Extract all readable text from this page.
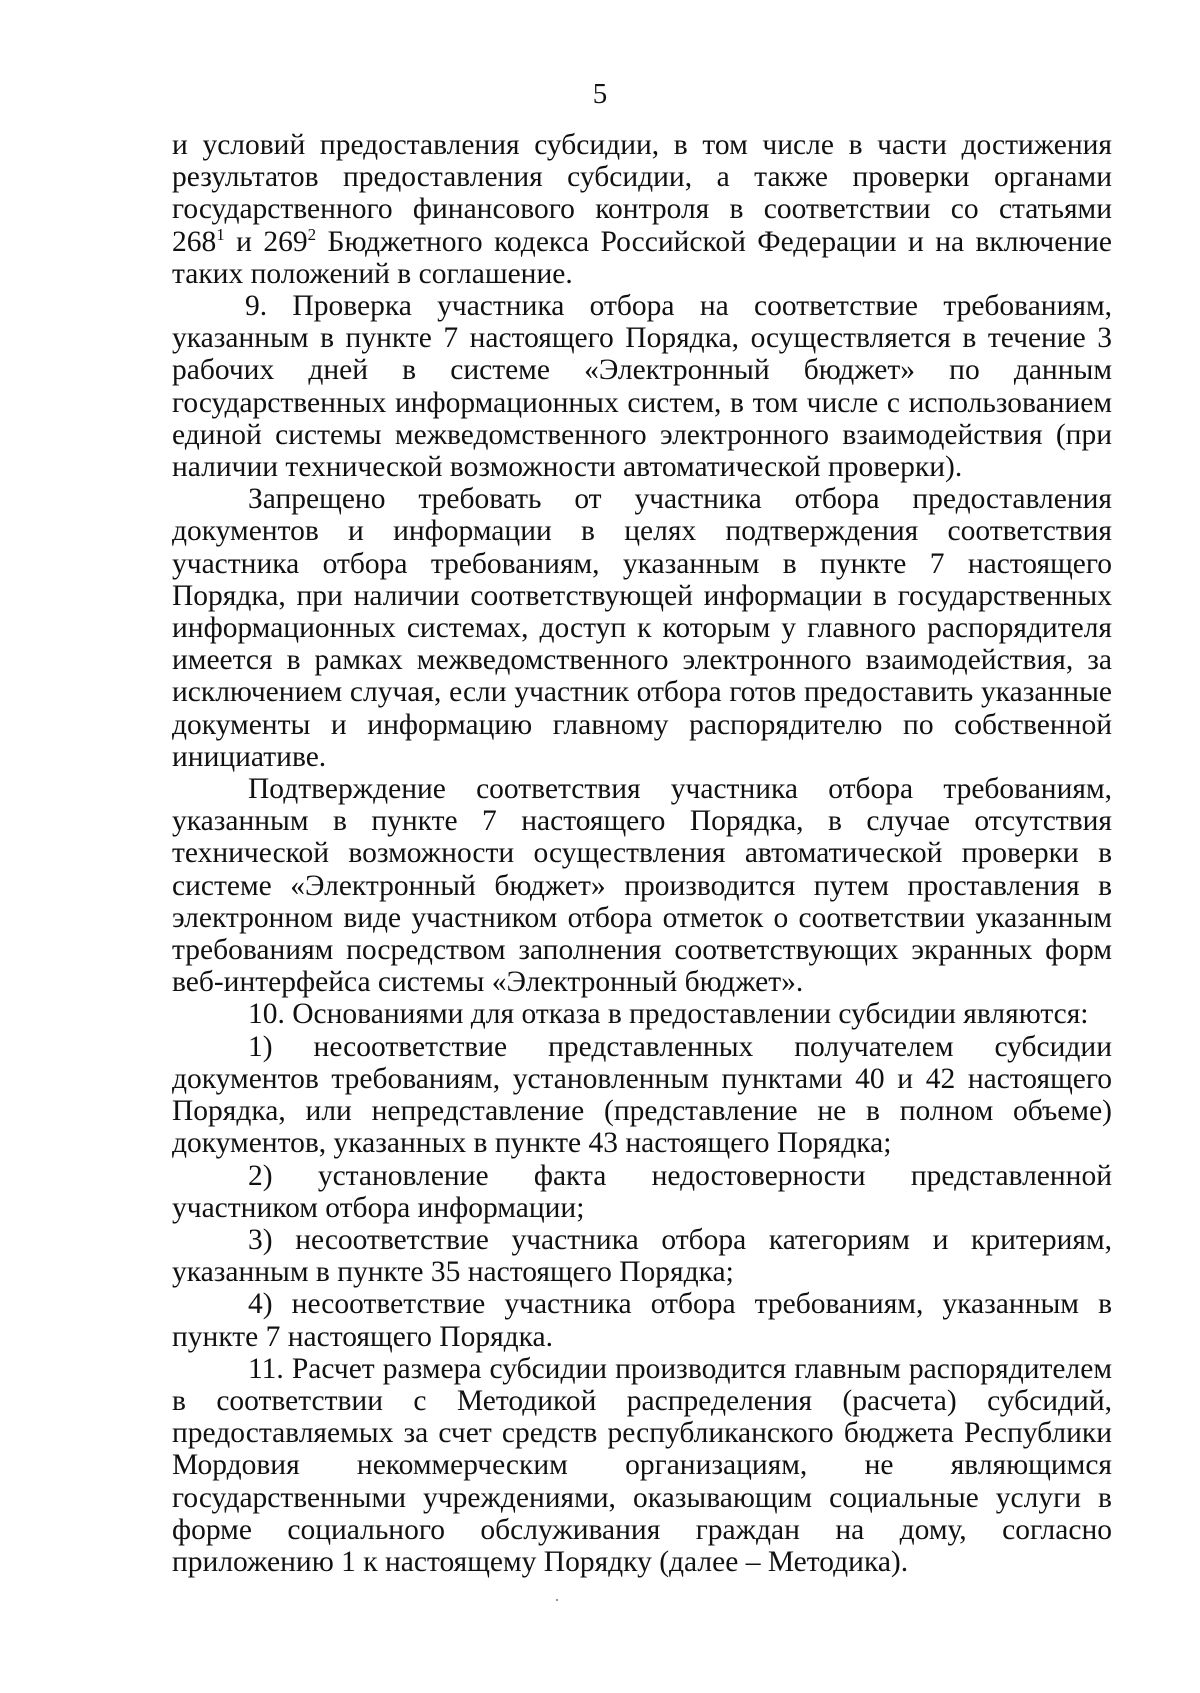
5
и условий предоставления субсидии, в том числе в части достижения
результатов предоставления субсидии, а также проверки органами
государственного финансового контроля в соответствии со статьями
$268^1$ и $269^2$ Бюджетного кодекса Российской Федерации и на включение
таких положений в соглашение.

9. Проверка участника отбора на соответствие требованиям, указанным в пункте 7 настоящего Порядка, осуществляется в течение 3 рабочих дней в системе «Электронный бюджет» по данным государственных информационных систем, в том числе с использованием единой системы межведомственного электронного взаимодействия (при наличии технической возможности автоматической проверки).

Запрещено требовать от участника отбора предоставления документов и информации в целях подтверждения соответствия участника отбора требованиям, указанным в пункте 7 настоящего Порядка, при наличии соответствующей информации в государственных информационных системах, доступ к которым у главного распорядителя имеется в рамках межведомственного электронного взаимодействия, за исключением случая, если участник отбора готов предоставить указанные документы и информацию главному распорядителю по собственной инициативе.

Подтверждение соответствия участника отбора требованиям, указанным в пункте 7 настоящего Порядка, в случае отсутствия технической возможности осуществления автоматической проверки в системе «Электронный бюджет» производится путем проставления в электронном виде участником отбора отметок о соответствии указанным требованиям посредством заполнения соответствующих экранных форм веб-интерфейса системы «Электронный бюджет».

10. Основаниями для отказа в предоставлении субсидии являются:

1) несоответствие представленных получателем субсидии документов требованиям, установленным пунктами 40 и 42 настоящего Порядка, или непредставление (представление не в полном объеме) документов, указанных в пункте 43 настоящего Порядка;

2) установление факта недостоверности представленной участником отбора информации;

3) несоответствие участника отбора категориям и критериям, указанным в пункте 35 настоящего Порядка;

4) несоответствие участника отбора требованиям, указанным в пункте 7 настоящего Порядка.

11. Расчет размера субсидии производится главным распорядителем в соответствии с Методикой распределения (расчета) субсидий, предоставляемых за счет средств республиканского бюджета Республики Мордовия некоммерческим организациям, не являющимся государственными учреждениями, оказывающим социальные услуги в форме социального обслуживания граждан на дому, согласно приложению 1 к настоящему Порядку (далее – Методика).
